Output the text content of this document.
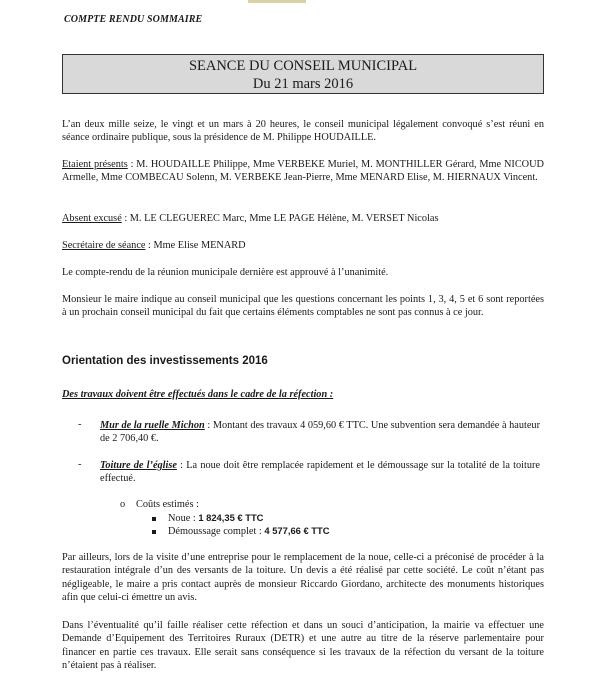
COMPTE RENDU SOMMAIRE
SEANCE DU CONSEIL MUNICIPAL
Du 21 mars 2016

L’an deux mille seize, le vingt et un mars à 20 heures, le conseil municipal légalement convoqué s’est réuni en séance ordinaire publique, sous la présidence de M. Philippe HOUDAILLE.

Etaient présents : M. HOUDAILLE Philippe, Mme VERBEKE Muriel, M. MONTHILLER Gérard, Mme NICOUD Armelle, Mme COMBECAU Solenn, M. VERBEKE Jean-Pierre, Mme MENARD Elise, M. HIERNAUX Vincent.

Absent excusé : M. LE CLEGUEREC Marc, Mme LE PAGE Hélène, M. VERSET Nicolas

Secrétaire de séance : Mme Elise MENARD

Le compte-rendu de la réunion municipale dernière est approuvé à l’unanimité.

Monsieur le maire indique au conseil municipal que les questions concernant les points 1, 3, 4, 5 et 6 sont reportées à un prochain conseil municipal du fait que certains éléments comptables ne sont pas connus à ce jour.

Orientation des investissements 2016
Des travaux doivent être effectués dans le cadre de la réfection :
- Mur de la ruelle Michon : Montant des travaux 4 059,60 € TTC. Une subvention sera demandée à hauteur de 2 706,40 €.

- Toiture de l’église : La noue doit être remplacée rapidement et le démoussage sur la totalité de la toiture effectué.

o Coûts estimés :
Noue : 1 824,35 € TTC
Démoussage complet : 4 577,66 € TTC

Par ailleurs, lors de la visite d’une entreprise pour le remplacement de la noue, celle-ci a préconisé de procéder à la restauration intégrale d’un des versants de la toiture. Un devis a été réalisé par cette société. Le coût n’étant pas négligeable, le maire a pris contact auprès de monsieur Riccardo Giordano, architecte des monuments historiques afin que celui-ci émettre un avis.

Dans l’éventualité qu’il faille réaliser cette réfection et dans un souci d’anticipation, la mairie va effectuer une Demande d’Equipement des Territoires Ruraux (DETR) et une autre au titre de la réserve parlementaire pour financer en partie ces travaux. Elle serait sans conséquence si les travaux de la réfection du versant de la toiture n’étaient pas à réaliser.
